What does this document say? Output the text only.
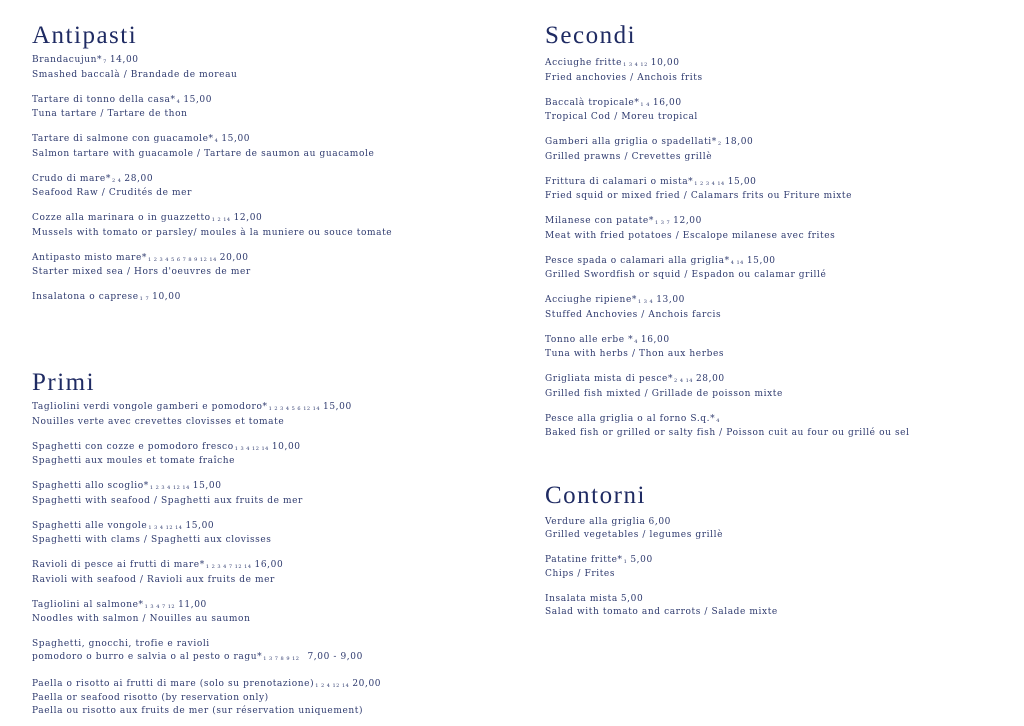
Antipasti
Brandacujun*7 14,00
Smashed baccalà / Brandade de moreau
Tartare di tonno della casa*4 15,00
Tuna tartare / Tartare de thon
Tartare di salmone con guacamole*4 15,00
Salmon tartare with guacamole / Tartare de saumon au guacamole
Crudo di mare*2 4 28,00
Seafood Raw / Crudités de mer
Cozze alla marinara o in guazzetto1 2 14 12,00
Mussels with tomato or parsley/ moules à la muniere ou souce tomate
Antipasto misto mare*1 2 3 4 5 6 7 8 9 12 14 20,00
Starter mixed sea / Hors d'oeuvres de mer
Insalatona o caprese1 7 10,00
Primi
Tagliolini verdi vongole gamberi e pomodoro*1 2 3 4 5 6 12 14 15,00
Nouilles verte avec crevettes clovisses et tomate
Spaghetti con cozze e pomodoro fresco1 3 4 12 14 10,00
Spaghetti aux moules et tomate fraîche
Spaghetti allo scoglio*1 2 3 4 12 14 15,00
Spaghetti with seafood / Spaghetti aux fruits de mer
Spaghetti alle vongole1 3 4 12 14 15,00
Spaghetti with clams / Spaghetti aux clovisses
Ravioli di pesce ai frutti di mare*1 2 3 4 7 12 14 16,00
Ravioli with seafood / Ravioli aux fruits de mer
Tagliolini al salmone*1 3 4 7 12 11,00
Noodles with salmon / Nouilles au saumon
Spaghetti, gnocchi, trofie e ravioli
pomodoro o burro e salvia o al pesto o ragu*1 3 7 8 9 12 7,00 - 9,00
Paella o risotto ai frutti di mare (solo su prenotazione)1 2 4 12 14 20,00
Paella or seafood risotto (by reservation only)
Paella ou risotto aux fruits de mer (sur réservation uniquement)
Secondi
Acciughe fritte1 3 4 12 10,00
Fried anchovies / Anchois frits
Baccalà tropicale*1 4 16,00
Tropical Cod / Moreu tropical
Gamberi alla griglia o spadellati*2 18,00
Grilled prawns / Crevettes grillè
Frittura di calamari o mista*1 2 3 4 14 15,00
Fried squid or mixed fried / Calamars frits ou Friture mixte
Milanese con patate*1 3 7 12,00
Meat with fried potatoes / Escalope milanese avec frites
Pesce spada o calamari alla griglia*4 14 15,00
Grilled Swordfish or squid / Espadon ou calamar grillé
Acciughe ripiene*1 3 4 13,00
Stuffed Anchovies / Anchois farcis
Tonno alle erbe *4 16,00
Tuna with herbs / Thon aux herbes
Grigliata mista di pesce*2 4 14 28,00
Grilled fish mixted / Grillade de poisson mixte
Pesce alla griglia o al forno S.q.*4
Baked fish or grilled or salty fish / Poisson cuit au four ou grillé ou sel
Contorni
Verdure alla griglia 6,00
Grilled vegetables / legumes grillè
Patatine fritte*1 5,00
Chips / Frites
Insalata mista 5,00
Salad with tomato and carrots / Salade mixte
